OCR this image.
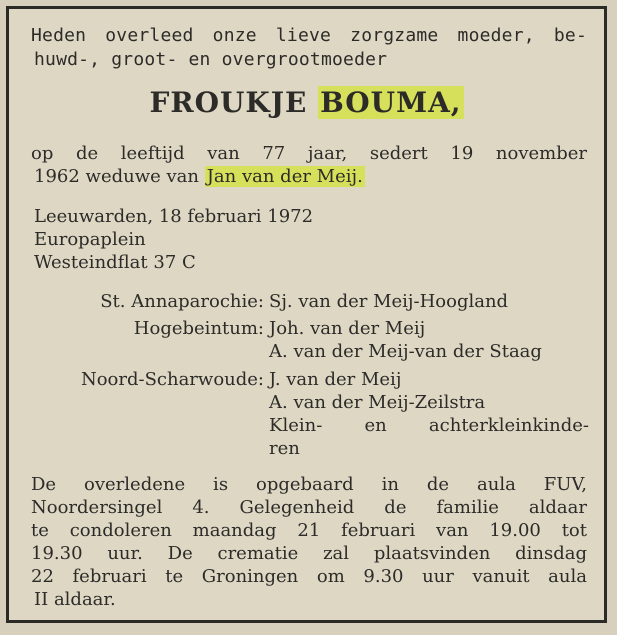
Heden overleed onze lieve zorgzame moeder, be-
huwd-, groot- en overgrootmoeder
FROUKJE BOUMA,
op de leeftijd van 77 jaar, sedert 19 november
1962 weduwe van Jan van der Meij.
Leeuwarden, 18 februari 1972
Europaplein
Westeindflat 37 C
St. Annaparochie: Sj. van der Meij-Hoogland
Hogebeintum: Joh. van der Meij
A. van der Meij-van der Staag
Noord-Scharwoude: J. van der Meij
A. van der Meij-Zeilstra
Klein- en achterkleinkinde-
ren
De overledene is opgebaard in de aula FUV,
Noordersingel 4. Gelegenheid de familie aldaar
te condoleren maandag 21 februari van 19.00 tot
19.30 uur. De crematie zal plaatsvinden dinsdag
22 februari te Groningen om 9.30 uur vanuit aula
II aldaar.
